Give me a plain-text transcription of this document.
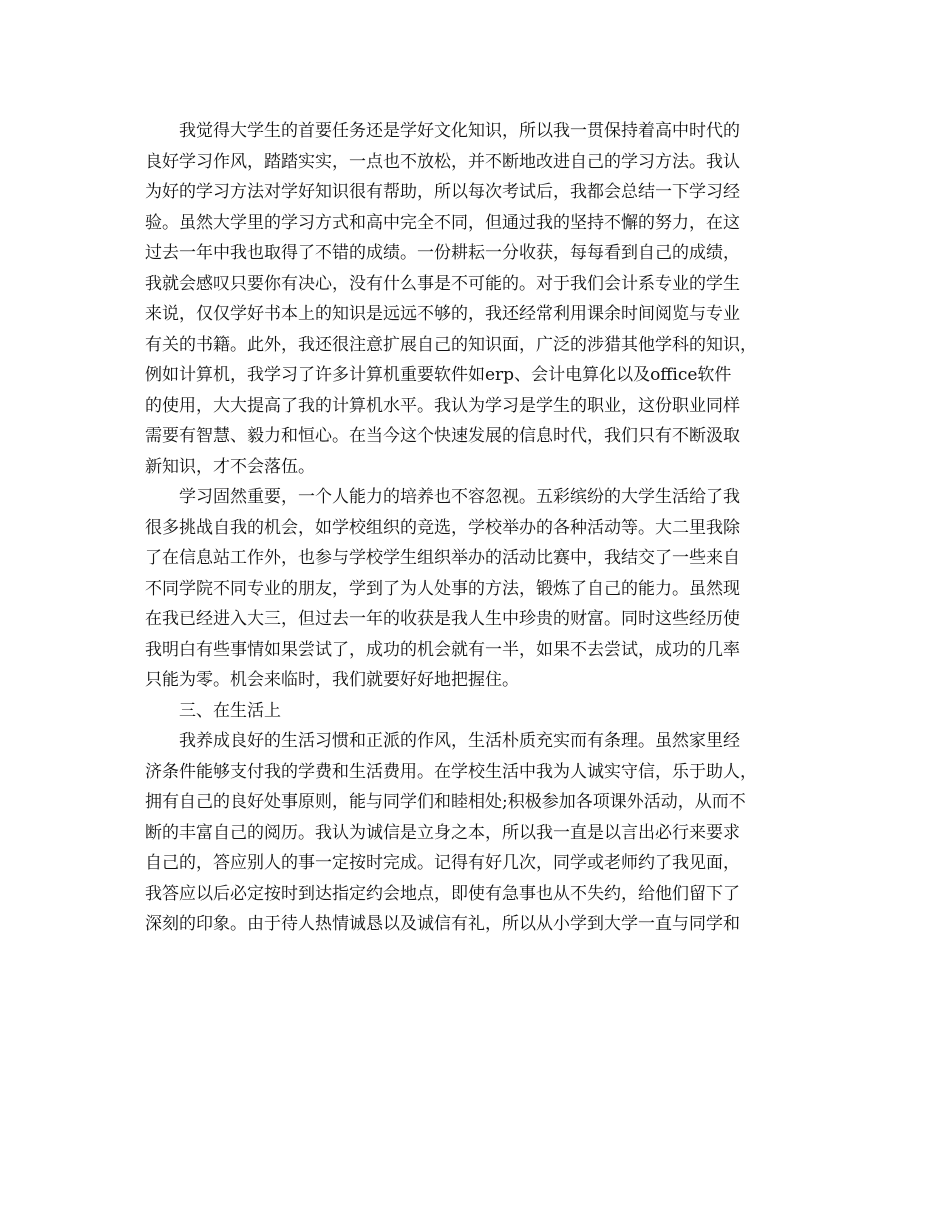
我觉得大学生的首要任务还是学好文化知识，所以我一贯保持着高中时代的
良好学习作风，踏踏实实，一点也不放松，并不断地改进自己的学习方法。我认
为好的学习方法对学好知识很有帮助，所以每次考试后，我都会总结一下学习经
验。虽然大学里的学习方式和高中完全不同，但通过我的坚持不懈的努力，在这
过去一年中我也取得了不错的成绩。一份耕耘一分收获，每每看到自己的成绩，
我就会感叹只要你有决心，没有什么事是不可能的。对于我们会计系专业的学生
来说，仅仅学好书本上的知识是远远不够的，我还经常利用课余时间阅览与专业
有关的书籍。此外，我还很注意扩展自己的知识面，广泛的涉猎其他学科的知识，
例如计算机，我学习了许多计算机重要软件如erp、会计电算化以及office软件
的使用，大大提高了我的计算机水平。我认为学习是学生的职业，这份职业同样
需要有智慧、毅力和恒心。在当今这个快速发展的信息时代，我们只有不断汲取
新知识，才不会落伍。
学习固然重要，一个人能力的培养也不容忽视。五彩缤纷的大学生活给了我
很多挑战自我的机会，如学校组织的竞选，学校举办的各种活动等。大二里我除
了在信息站工作外，也参与学校学生组织举办的活动比赛中，我结交了一些来自
不同学院不同专业的朋友，学到了为人处事的方法，锻炼了自己的能力。虽然现
在我已经进入大三，但过去一年的收获是我人生中珍贵的财富。同时这些经历使
我明白有些事情如果尝试了，成功的机会就有一半，如果不去尝试，成功的几率
只能为零。机会来临时，我们就要好好地把握住。
三、在生活上
我养成良好的生活习惯和正派的作风，生活朴质充实而有条理。虽然家里经
济条件能够支付我的学费和生活费用。在学校生活中我为人诚实守信，乐于助人，
拥有自己的良好处事原则，能与同学们和睦相处;积极参加各项课外活动，从而不
断的丰富自己的阅历。我认为诚信是立身之本，所以我一直是以言出必行来要求
自己的，答应别人的事一定按时完成。记得有好几次，同学或老师约了我见面，
我答应以后必定按时到达指定约会地点，即使有急事也从不失约，给他们留下了
深刻的印象。由于待人热情诚恳以及诚信有礼，所以从小学到大学一直与同学和
